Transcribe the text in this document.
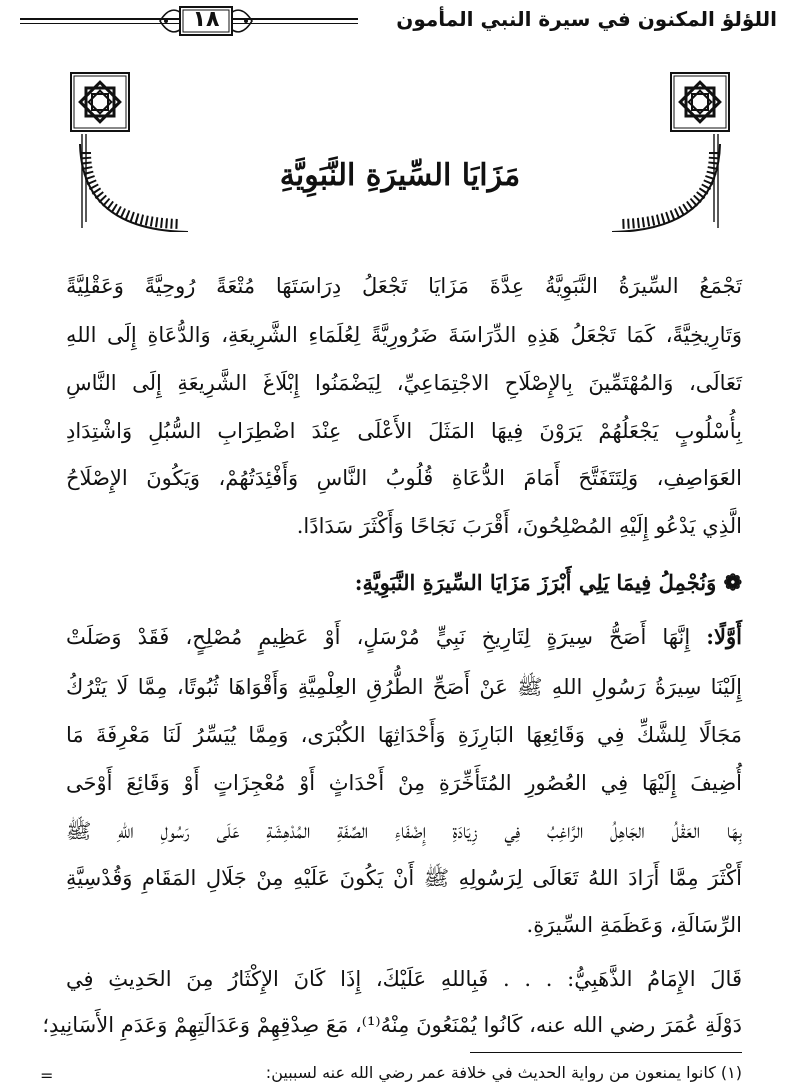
اللؤلؤ المكنون في سيرة النبي المأمون
١٨
مَزَايَا السِّيرَةِ النَّبَوِيَّةِ
تَجْمَعُ السِّيرَةُ النَّبَوِيَّةُ عِدَّةَ مَزَايَا تَجْعَلُ دِرَاسَتَهَا مُتْعَةً رُوحِيَّةً وَعَقْلِيَّةً
وَتَارِيخِيَّةً، كَمَا تَجْعَلُ هَذِهِ الدِّرَاسَةَ ضَرُورِيَّةً لِعُلَمَاءِ الشَّرِيعَةِ، وَالدُّعَاةِ إِلَى اللهِ
تَعَالَى، وَالمُهْتَمِّينَ بِالإِصْلَاحِ الاجْتِمَاعِيِّ، لِيَضْمَنُوا إِبْلَاغَ الشَّرِيعَةِ إِلَى النَّاسِ
بِأُسْلُوبٍ يَجْعَلُهُمْ يَرَوْنَ فِيهَا المَثَلَ الأَعْلَى عِنْدَ اضْطِرَابِ السُّبُلِ وَاشْتِدَادِ
العَوَاصِفِ، وَلِتَتَفَتَّحَ أَمَامَ الدُّعَاةِ قُلُوبُ النَّاسِ وَأَفْئِدَتُهُمْ، وَيَكُونَ الإِصْلَاحُ
الَّذِي يَدْعُو إِلَيْهِ المُصْلِحُونَ، أَقْرَبَ نَجَاحًا وَأَكْثَرَ سَدَادًا.
❁ وَنُجْمِلُ فِيمَا يَلِي أَبْرَزَ مَزَايَا السِّيرَةِ النَّبَوِيَّةِ:
أَوَّلًا: إِنَّهَا أَصَحُّ سِيرَةٍ لِتَارِيخِ نَبِيٍّ مُرْسَلٍ، أَوْ عَظِيمٍ مُصْلِحٍ، فَقَدْ وَصَلَتْ
إِلَيْنَا سِيرَةُ رَسُولِ اللهِ ﷺ عَنْ أَصَحِّ الطُّرُقِ العِلْمِيَّةِ وَأَقْوَاهَا ثُبُوتًا، مِمَّا لَا يَتْرُكُ
مَجَالًا لِلشَّكِّ فِي وَقَائِعِهَا البَارِزَةِ وَأَحْدَاثِهَا الكُبْرَى، وَمِمَّا يُيَسِّرُ لَنَا مَعْرِفَةَ مَا
أُضِيفَ إِلَيْهَا فِي العُصُورِ المُتَأَخِّرَةِ مِنْ أَحْدَاثٍ أَوْ مُعْجِزَاتٍ أَوْ وَقَائِعَ أَوْحَى
بِهَا العَقْلُ الجَاهِلُ الرَّاغِبُ فِي زِيَادَةِ إِضْفَاءِ الصِّفَةِ المُدْهِشَةِ عَلَى رَسُولِ اللهِ ﷺ
أَكْثَرَ مِمَّا أَرَادَ اللهُ تَعَالَى لِرَسُولِهِ ﷺ أَنْ يَكُونَ عَلَيْهِ مِنْ جَلَالِ المَقَامِ وَقُدْسِيَّةِ
الرِّسَالَةِ، وَعَظَمَةِ السِّيرَةِ.
قَالَ الإِمَامُ الذَّهَبِيُّ: . . . فَبِاللهِ عَلَيْكَ، إِذَا كَانَ الإِكْثَارُ مِنَ الحَدِيثِ فِي
دَوْلَةِ عُمَرَ رضي الله عنه، كَانُوا يُمْنَعُونَ مِنْهُ⁽¹⁾، مَعَ صِدْقِهِمْ وَعَدَالَتِهِمْ وَعَدَمِ الأَسَانِيدِ؛
(١) كانوا يمنعون من رواية الحديث في خلافة عمر رضي الله عنه لسببين:
=
